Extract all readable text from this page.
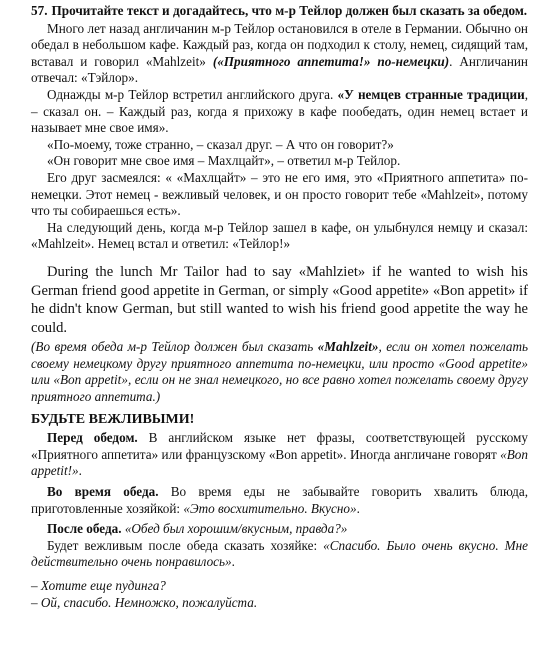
57. Прочитайте текст и догадайтесь, что м-р Тейлор должен был сказать за обедом.

Много лет назад англичанин м-р Тейлор остановился в отеле в Германии. Обычно он обедал в небольшом кафе. Каждый раз, когда он подходил к столу, немец, сидящий там, вставал и говорил «Mahlzeit» («Приятного аппетита!» по-немецки). Англичанин отвечал: «Тэйлор».

Однажды м-р Тейлор встретил английского друга. «У немцев странные традиции, – сказал он. – Каждый раз, когда я прихожу в кафе пообедать, один немец встает и называет мне свое имя».

«По-моему, тоже странно, – сказал друг. – А что он говорит?»

«Он говорит мне свое имя – Махлцайт», – ответил м-р Тейлор.

Его друг засмеялся: « «Махлцайт» – это не его имя, это «Приятного аппетита» по-немецки. Этот немец - вежливый человек, и он просто говорит тебе «Mahlzeit», потому что ты собираешься есть».

На следующий день, когда м-р Тейлор зашел в кафе, он улыбнулся немцу и сказал: «Mahlzeit». Немец встал и ответил: «Тейлор!»

During the lunch Mr Tailor had to say «Mahlziet» if he wanted to wish his German friend good appetite in German, or simply «Good appetite» «Bon appetit» if he didn't know German, but still wanted to wish his friend good appetite the way he could.

(Во время обеда м-р Тейлор должен был сказать «Mahlzeit», если он хотел пожелать своему немецкому другу приятного аппетита по-немецки, или просто «Good appetite» или «Bon appetit», если он не знал немецкого, но все равно хотел пожелать своему другу приятного аппетита.)

БУДЬТЕ ВЕЖЛИВЫМИ!

Перед обедом. В английском языке нет фразы, соответствующей русскому «Приятного аппетита» или французскому «Bon appetit». Иногда англичане говорят «Bon appetit!».

Во время обеда. Во время еды не забывайте говорить хвалить блюда, приготовленные хозяйкой: «Это восхитительно. Вкусно».

После обеда. «Обед был хорошим/вкусным, правда?»

Будет вежливым после обеда сказать хозяйке: «Спасибо. Было очень вкусно. Мне действительно очень понравилось».

– Хотите еще пудинга?

– Ой, спасибо. Немножко, пожалуйста.
